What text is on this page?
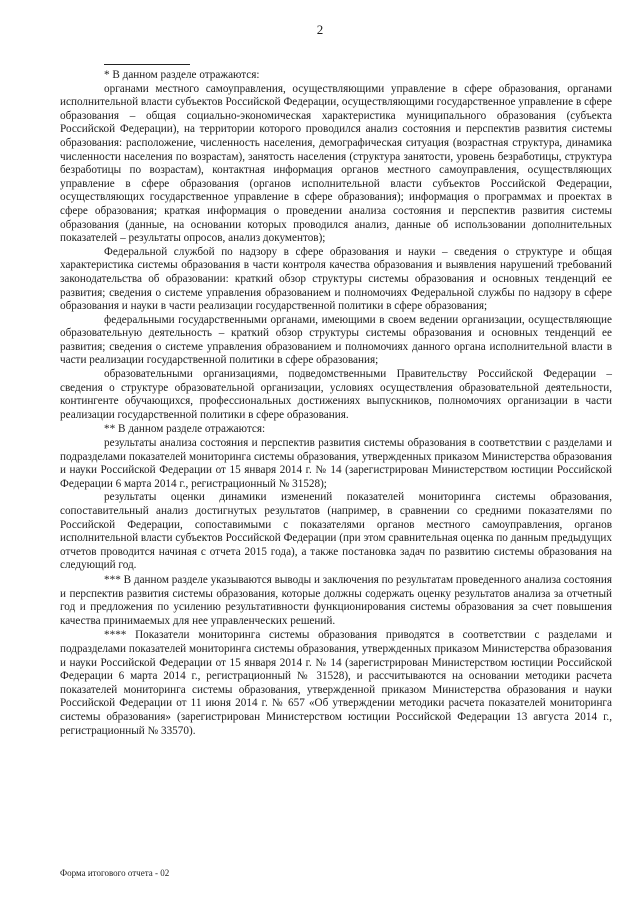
2

* В данном разделе отражаются:

органами местного самоуправления, осуществляющими управление в сфере образования, органами исполнительной власти субъектов Российской Федерации, осуществляющими государственное управление в сфере образования – общая социально-экономическая характеристика муниципального образования (субъекта Российской Федерации), на территории которого проводился анализ состояния и перспектив развития системы образования: расположение, численность населения, демографическая ситуация (возрастная структура, динамика численности населения по возрастам), занятость населения (структура занятости, уровень безработицы, структура безработицы по возрастам), контактная информация органов местного самоуправления, осуществляющих управление в сфере образования (органов исполнительной власти субъектов Российской Федерации, осуществляющих государственное управление в сфере образования); информация о программах и проектах в сфере образования; краткая информация о проведении анализа состояния и перспектив развития системы образования (данные, на основании которых проводился анализ, данные об использовании дополнительных показателей – результаты опросов, анализ документов);

Федеральной службой по надзору в сфере образования и науки – сведения о структуре и общая характеристика системы образования в части контроля качества образования и выявления нарушений требований законодательства об образовании: краткий обзор структуры системы образования и основных тенденций ее развития; сведения о системе управления образованием и полномочиях Федеральной службы по надзору в сфере образования и науки в части реализации государственной политики в сфере образования;

федеральными государственными органами, имеющими в своем ведении организации, осуществляющие образовательную деятельность – краткий обзор структуры системы образования и основных тенденций ее развития; сведения о системе управления образованием и полномочиях данного органа исполнительной власти в части реализации государственной политики в сфере образования;

образовательными организациями, подведомственными Правительству Российской Федерации – сведения о структуре образовательной организации, условиях осуществления образовательной деятельности, контингенте обучающихся, профессиональных достижениях выпускников, полномочиях организации в части реализации государственной политики в сфере образования.

** В данном разделе отражаются:

результаты анализа состояния и перспектив развития системы образования в соответствии с разделами и подразделами показателей мониторинга системы образования, утвержденных приказом Министерства образования и науки Российской Федерации от 15 января 2014 г. № 14 (зарегистрирован Министерством юстиции Российской Федерации 6 марта 2014 г., регистрационный № 31528);

результаты оценки динамики изменений показателей мониторинга системы образования, сопоставительный анализ достигнутых результатов (например, в сравнении со средними показателями по Российской Федерации, сопоставимыми с показателями органов местного самоуправления, органов исполнительной власти субъектов Российской Федерации (при этом сравнительная оценка по данным предыдущих отчетов проводится начиная с отчета 2015 года), а также постановка задач по развитию системы образования на следующий год.

*** В данном разделе указываются выводы и заключения по результатам проведенного анализа состояния и перспектив развития системы образования, которые должны содержать оценку результатов анализа за отчетный год и предложения по усилению результативности функционирования системы образования за счет повышения качества принимаемых для нее управленческих решений.

**** Показатели мониторинга системы образования приводятся в соответствии с разделами и подразделами показателей мониторинга системы образования, утвержденных приказом Министерства образования и науки Российской Федерации от 15 января 2014 г. № 14 (зарегистрирован Министерством юстиции Российской Федерации 6 марта 2014 г., регистрационный № 31528), и рассчитываются на основании методики расчета показателей мониторинга системы образования, утвержденной приказом Министерства образования и науки Российской Федерации от 11 июня 2014 г. № 657 «Об утверждении методики расчета показателей мониторинга системы образования» (зарегистрирован Министерством юстиции Российской Федерации 13 августа 2014 г., регистрационный № 33570).

Форма итогового отчета - 02
